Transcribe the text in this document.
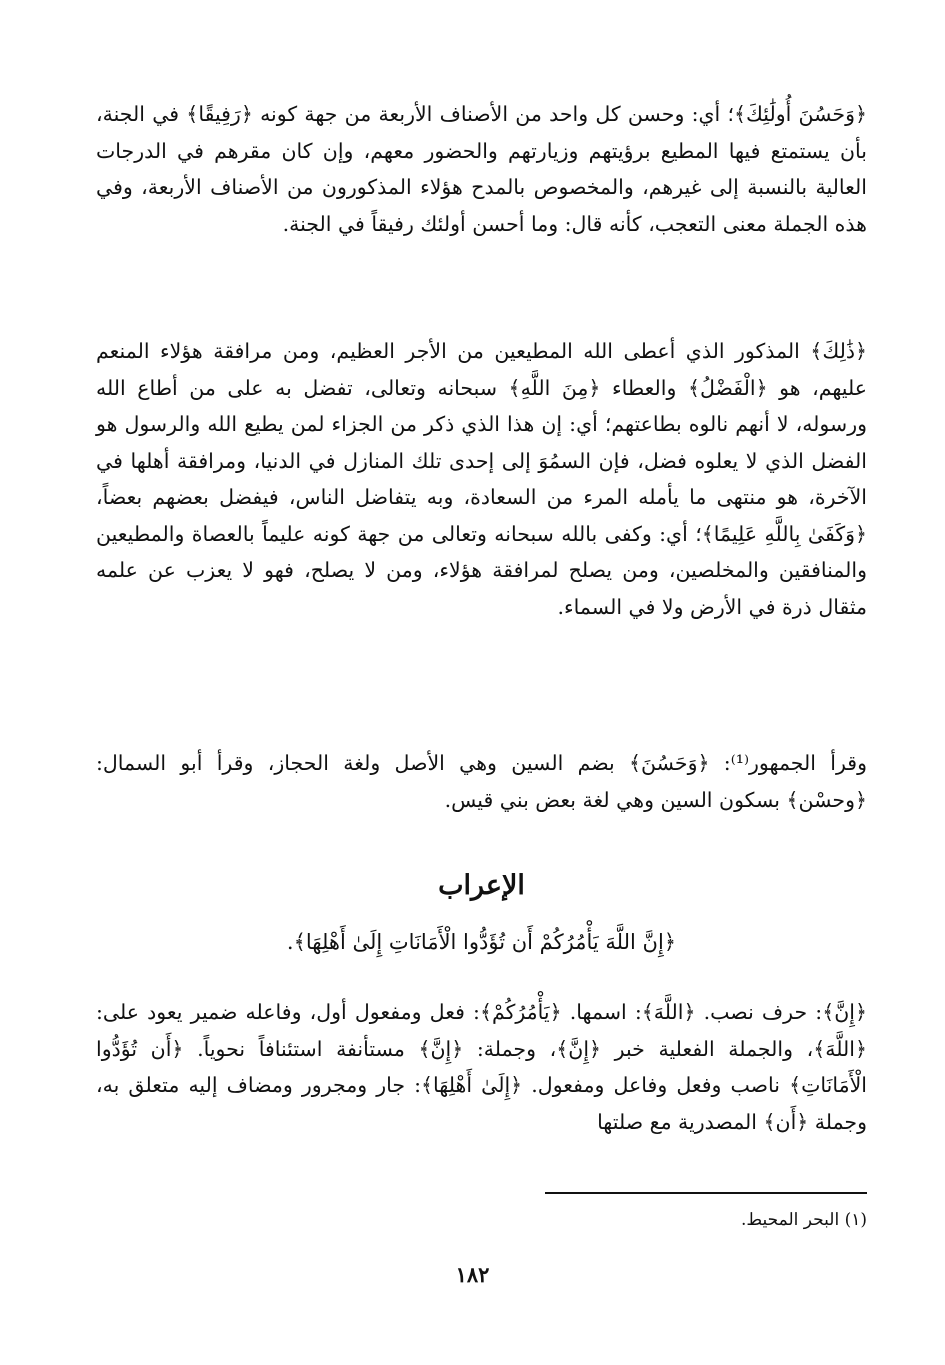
﴿وَحَسُنَ أُولَٰئِكَ﴾؛ أي: وحسن كل واحد من الأصناف الأربعة من جهة كونه ﴿رَفِيقًا﴾ في الجنة، بأن يستمتع فيها المطيع برؤيتهم وزيارتهم والحضور معهم، وإن كان مقرهم في الدرجات العالية بالنسبة إلى غيرهم، والمخصوص بالمدح هؤلاء المذكورون من الأصناف الأربعة، وفي هذه الجملة معنى التعجب، كأنه قال: وما أحسن أولئك رفيقاً في الجنة.

﴿ذَٰلِكَ﴾ المذكور الذي أعطى الله المطيعين من الأجر العظيم، ومن مرافقة هؤلاء المنعم عليهم، هو ﴿الْفَضْلُ﴾ والعطاء ﴿مِنَ اللَّهِ﴾ سبحانه وتعالى، تفضل به على من أطاع الله ورسوله، لا أنهم نالوه بطاعتهم؛ أي: إن هذا الذي ذكر من الجزاء لمن يطيع الله والرسول هو الفضل الذي لا يعلوه فضل، فإن السمُوَ إلى إحدى تلك المنازل في الدنيا، ومرافقة أهلها في الآخرة، هو منتهى ما يأمله المرء من السعادة، وبه يتفاضل الناس، فيفضل بعضهم بعضاً، ﴿وَكَفَىٰ بِاللَّهِ عَلِيمًا﴾؛ أي: وكفى بالله سبحانه وتعالى من جهة كونه عليماً بالعصاة والمطيعين والمنافقين والمخلصين، ومن يصلح لمرافقة هؤلاء، ومن لا يصلح، فهو لا يعزب عن علمه مثقال ذرة في الأرض ولا في السماء.

وقرأ الجمهور⁽¹⁾: ﴿وَحَسُنَ﴾ بضم السين وهي الأصل ولغة الحجاز، وقرأ أبو السمال: ﴿وحسْن﴾ بسكون السين وهي لغة بعض بني قيس.

الإعراب
﴿إِنَّ اللَّهَ يَأْمُرُكُمْ أَن تُؤَدُّوا الْأَمَانَاتِ إِلَىٰ أَهْلِهَا﴾.

﴿إِنَّ﴾: حرف نصب. ﴿اللَّهَ﴾: اسمها. ﴿يَأْمُرُكُمْ﴾: فعل ومفعول أول، وفاعله ضمير يعود على: ﴿اللَّهَ﴾، والجملة الفعلية خبر ﴿إِنَّ﴾، وجملة: ﴿إِنَّ﴾ مستأنفة استئنافاً نحوياً. ﴿أَن تُؤَدُّوا الْأَمَانَاتِ﴾ ناصب وفعل وفاعل ومفعول. ﴿إِلَىٰ أَهْلِهَا﴾: جار ومجرور ومضاف إليه متعلق به، وجملة ﴿أَن﴾ المصدرية مع صلتها

(١) البحر المحيط.
١٨٢
